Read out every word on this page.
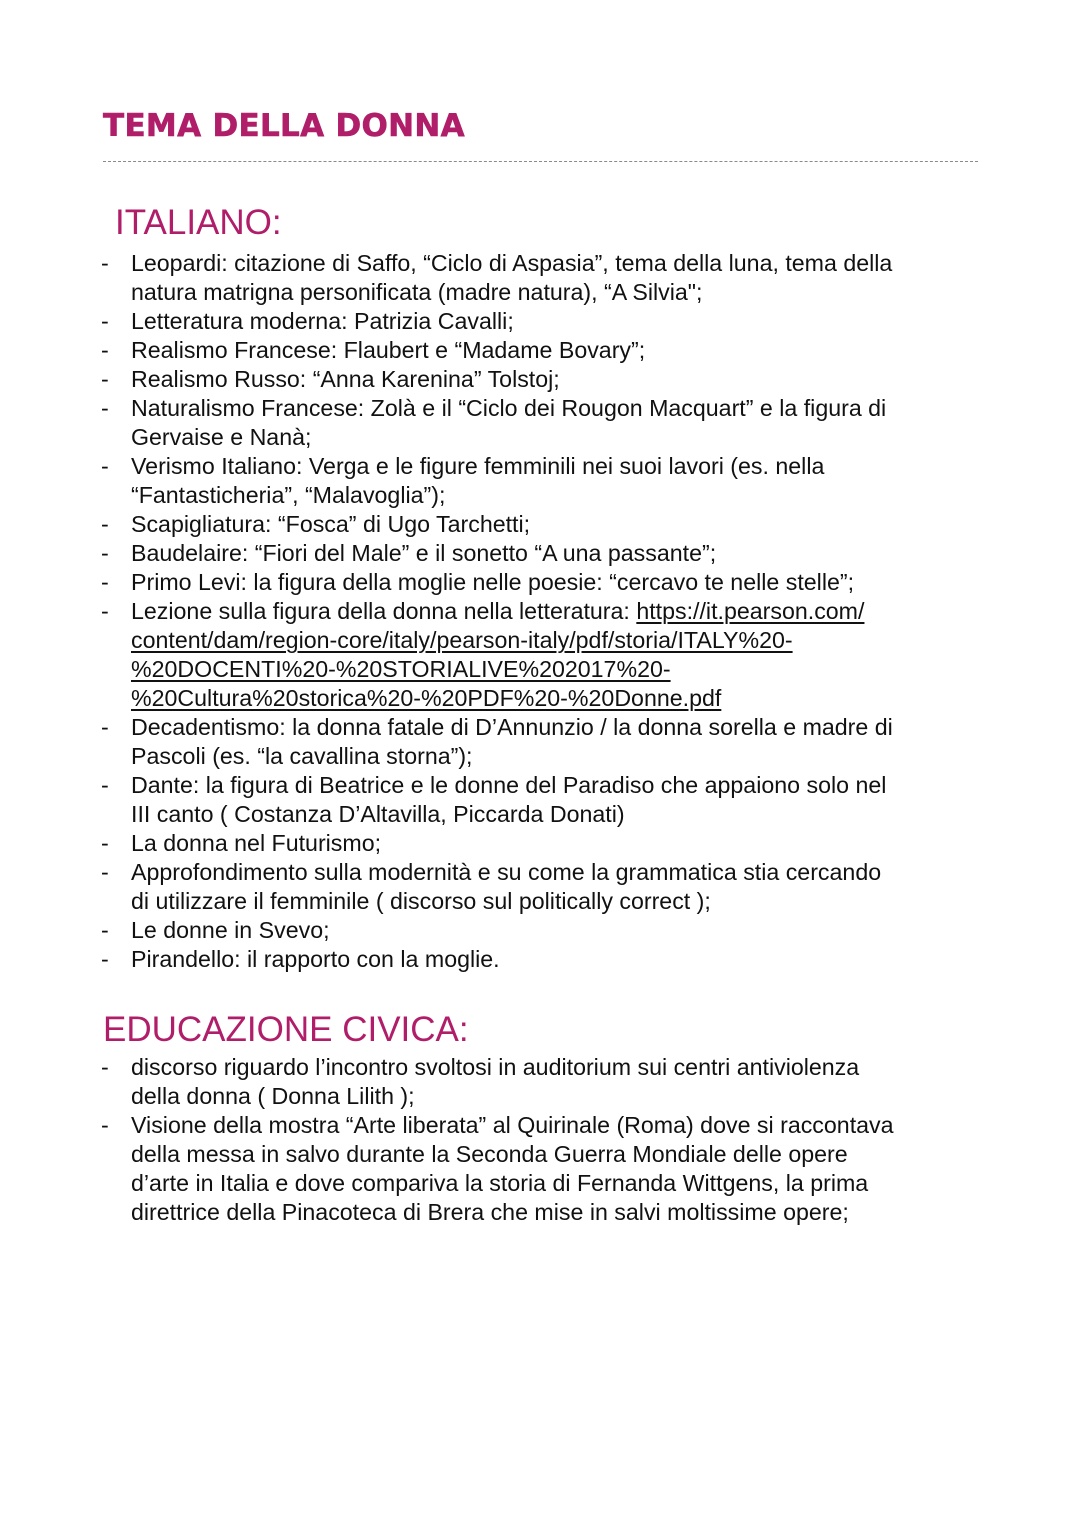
TEMA DELLA DONNA
ITALIANO:
- Leopardi: citazione di Saffo, “Ciclo di Aspasia”, tema della luna, tema della
natura matrigna personificata (madre natura), “A Silvia";
- Letteratura moderna: Patrizia Cavalli;
- Realismo Francese: Flaubert e “Madame Bovary”;
- Realismo Russo: “Anna Karenina” Tolstoj;
- Naturalismo Francese: Zolà e il “Ciclo dei Rougon Macquart” e la figura di
Gervaise e Nanà;
- Verismo Italiano: Verga e le figure femminili nei suoi lavori (es. nella
“Fantasticheria”, “Malavoglia”);
- Scapigliatura: “Fosca” di Ugo Tarchetti;
- Baudelaire: “Fiori del Male” e il sonetto “A una passante”;
- Primo Levi: la figura della moglie nelle poesie: “cercavo te nelle stelle”;
- Lezione sulla figura della donna nella letteratura: https://it.pearson.com/
content/dam/region-core/italy/pearson-italy/pdf/storia/ITALY%20-
%20DOCENTI%20-%20STORIALIVE%202017%20-
%20Cultura%20storica%20-%20PDF%20-%20Donne.pdf
- Decadentismo: la donna fatale di D’Annunzio / la donna sorella e madre di
Pascoli (es. “la cavallina storna”);
- Dante: la figura di Beatrice e le donne del Paradiso che appaiono solo nel
III canto ( Costanza D’Altavilla, Piccarda Donati)
- La donna nel Futurismo;
- Approfondimento sulla modernità e su come la grammatica stia cercando
di utilizzare il femminile ( discorso sul politically correct );
- Le donne in Svevo;
- Pirandello: il rapporto con la moglie.
EDUCAZIONE CIVICA:
- discorso riguardo l’incontro svoltosi in auditorium sui centri antiviolenza
della donna ( Donna Lilith );
- Visione della mostra “Arte liberata” al Quirinale (Roma) dove si raccontava
della messa in salvo durante la Seconda Guerra Mondiale delle opere
d’arte in Italia e dove compariva la storia di Fernanda Wittgens, la prima
direttrice della Pinacoteca di Brera che mise in salvi moltissime opere;
